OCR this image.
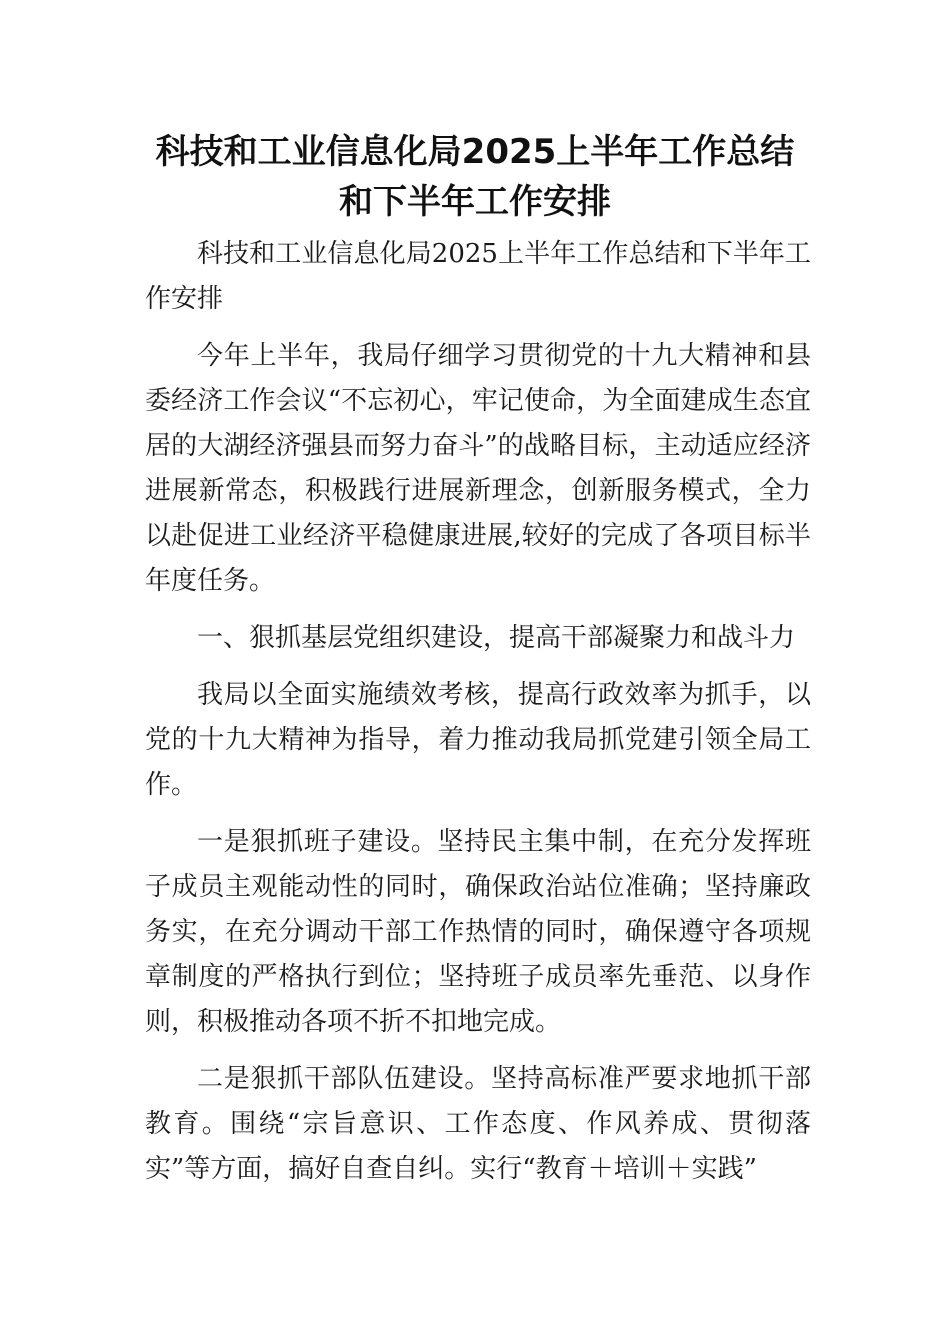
科技和工业信息化局2025上半年工作总结
和下半年工作安排

科技和工业信息化局2025上半年工作总结和下半年工作安排

今年上半年，我局仔细学习贯彻党的十九大精神和县委经济工作会议“不忘初心，牢记使命，为全面建成生态宜居的大湖经济强县而努力奋斗”的战略目标，主动适应经济进展新常态，积极践行进展新理念，创新服务模式，全力以赴促进工业经济平稳健康进展,较好的完成了各项目标半年度任务。

一、狠抓基层党组织建设，提高干部凝聚力和战斗力

我局以全面实施绩效考核，提高行政效率为抓手，以党的十九大精神为指导，着力推动我局抓党建引领全局工作。

一是狠抓班子建设。坚持民主集中制，在充分发挥班子成员主观能动性的同时，确保政治站位准确；坚持廉政务实，在充分调动干部工作热情的同时，确保遵守各项规章制度的严格执行到位；坚持班子成员率先垂范、以身作则，积极推动各项不折不扣地完成。

二是狠抓干部队伍建设。坚持高标准严要求地抓干部教育。围绕“宗旨意识、工作态度、作风养成、贯彻落实”等方面，搞好自查自纠。实行“教育＋培训＋实践”
